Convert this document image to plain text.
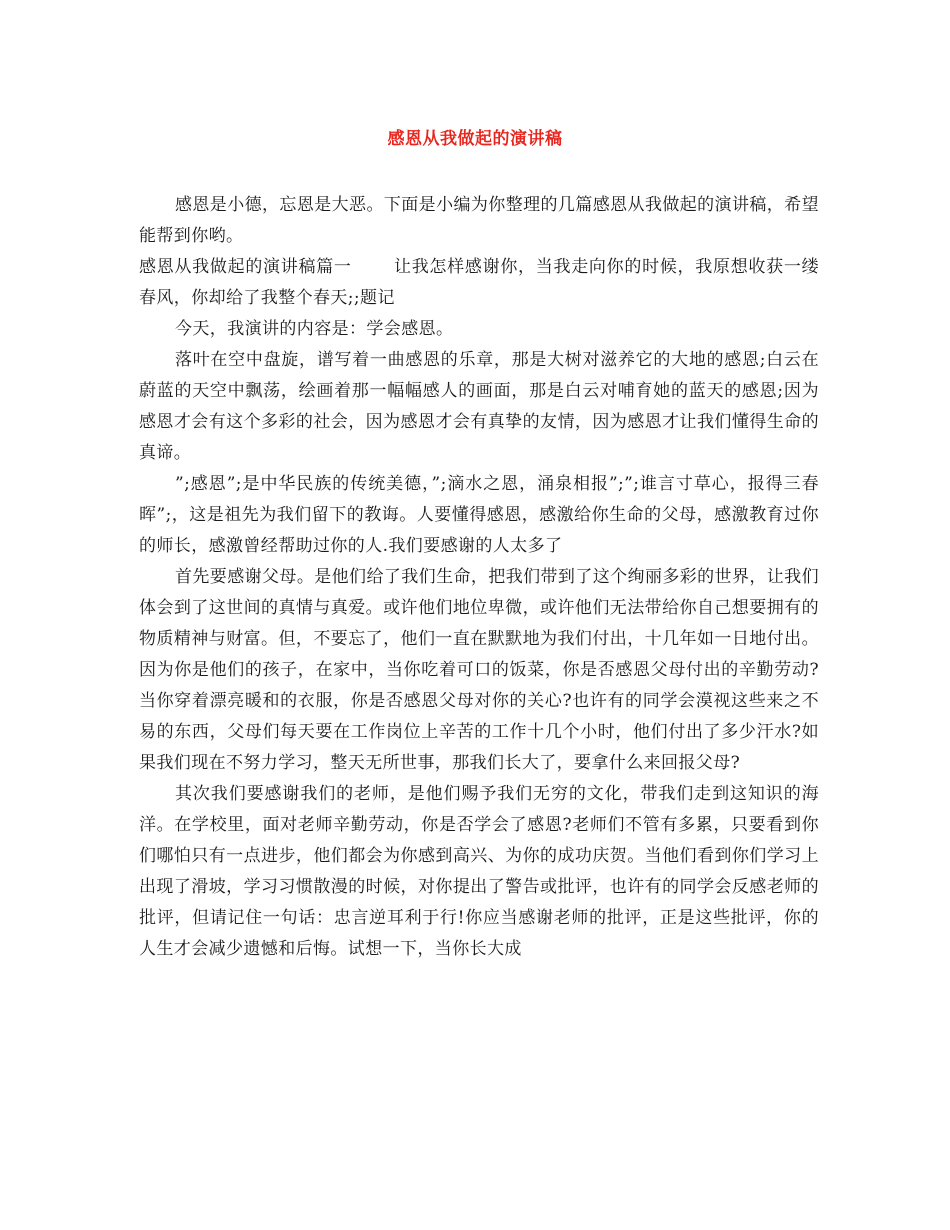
感恩从我做起的演讲稿

感恩是小德，忘恩是大恶。下面是小编为你整理的几篇感恩从我做起的演讲稿，希望能帮到你哟。

感恩从我做起的演讲稿篇一 让我怎样感谢你，当我走向你的时候，我原想收获一缕春风，你却给了我整个春天;;题记

今天，我演讲的内容是：学会感恩。

落叶在空中盘旋，谱写着一曲感恩的乐章，那是大树对滋养它的大地的感恩;白云在蔚蓝的天空中飘荡，绘画着那一幅幅感人的画面，那是白云对哺育她的蓝天的感恩;因为感恩才会有这个多彩的社会，因为感恩才会有真挚的友情，因为感恩才让我们懂得生命的真谛。

”;感恩”;是中华民族的传统美德，”;滴水之恩，涌泉相报”;”;谁言寸草心，报得三春晖”;，这是祖先为我们留下的教诲。人要懂得感恩，感激给你生命的父母，感激教育过你的师长，感激曾经帮助过你的人.我们要感谢的人太多了

首先要感谢父母。是他们给了我们生命，把我们带到了这个绚丽多彩的世界，让我们体会到了这世间的真情与真爱。或许他们地位卑微，或许他们无法带给你自己想要拥有的物质精神与财富。但，不要忘了，他们一直在默默地为我们付出，十几年如一日地付出。因为你是他们的孩子，在家中，当你吃着可口的饭菜，你是否感恩父母付出的辛勤劳动?当你穿着漂亮暖和的衣服，你是否感恩父母对你的关心?也许有的同学会漠视这些来之不易的东西，父母们每天要在工作岗位上辛苦的工作十几个小时，他们付出了多少汗水?如果我们现在不努力学习，整天无所世事，那我们长大了，要拿什么来回报父母?

其次我们要感谢我们的老师，是他们赐予我们无穷的文化，带我们走到这知识的海洋。在学校里，面对老师辛勤劳动，你是否学会了感恩?老师们不管有多累，只要看到你们哪怕只有一点进步，他们都会为你感到高兴、为你的成功庆贺。当他们看到你们学习上出现了滑坡，学习习惯散漫的时候，对你提出了警告或批评，也许有的同学会反感老师的批评，但请记住一句话：忠言逆耳利于行!你应当感谢老师的批评，正是这些批评，你的人生才会减少遗憾和后悔。试想一下，当你长大成
